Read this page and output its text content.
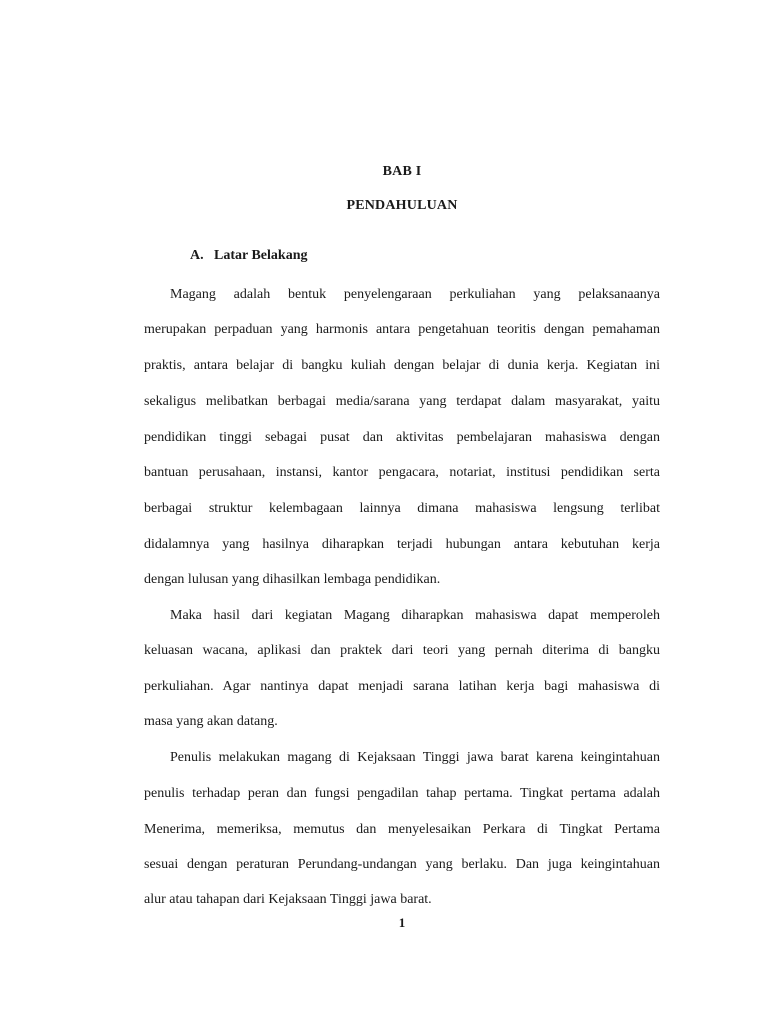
BAB I
PENDAHULUAN
A. Latar Belakang
Magang adalah bentuk penyelengaraan perkuliahan yang pelaksanaanya
merupakan perpaduan yang harmonis antara pengetahuan teoritis dengan pemahaman
praktis, antara belajar di bangku kuliah dengan belajar di dunia kerja. Kegiatan ini
sekaligus melibatkan berbagai media/sarana yang terdapat dalam masyarakat, yaitu
pendidikan tinggi sebagai pusat dan aktivitas pembelajaran mahasiswa dengan
bantuan perusahaan, instansi, kantor pengacara, notariat, institusi pendidikan serta
berbagai struktur kelembagaan lainnya dimana mahasiswa lengsung terlibat
didalamnya yang hasilnya diharapkan terjadi hubungan antara kebutuhan kerja
dengan lulusan yang dihasilkan lembaga pendidikan.
Maka hasil dari kegiatan Magang diharapkan mahasiswa dapat memperoleh
keluasan wacana, aplikasi dan praktek dari teori yang pernah diterima di bangku
perkuliahan. Agar nantinya dapat menjadi sarana latihan kerja bagi mahasiswa di
masa yang akan datang.
Penulis melakukan magang di Kejaksaan Tinggi jawa barat karena keingintahuan
penulis terhadap peran dan fungsi pengadilan tahap pertama. Tingkat pertama adalah
Menerima, memeriksa, memutus dan menyelesaikan Perkara di Tingkat Pertama
sesuai dengan peraturan Perundang-undangan yang berlaku. Dan juga keingintahuan
alur atau tahapan dari Kejaksaan Tinggi jawa barat.
1
